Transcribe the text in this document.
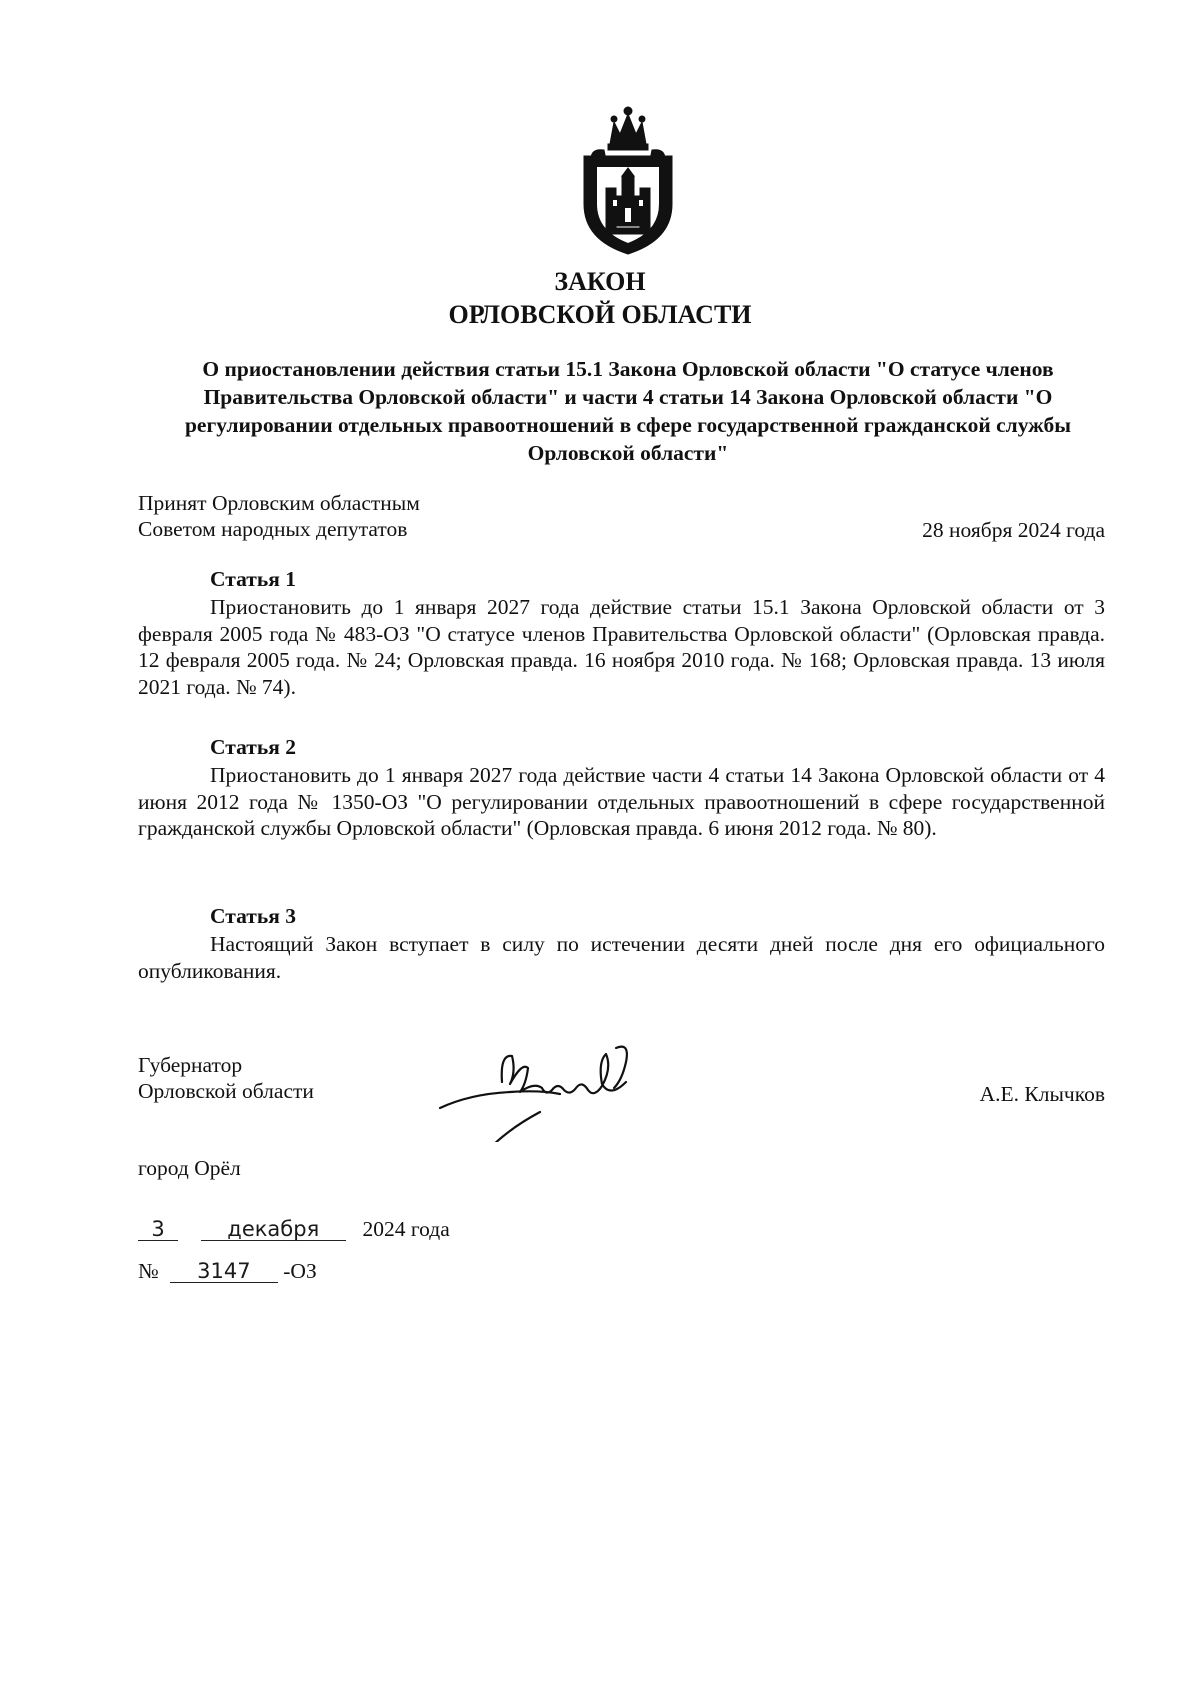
ЗАКОН
ОРЛОВСКОЙ ОБЛАСТИ
О приостановлении действия статьи 15.1 Закона Орловской области "О статусе членов Правительства Орловской области" и части 4 статьи 14 Закона Орловской области "О регулировании отдельных правоотношений в сфере государственной гражданской службы Орловской области"
Принят Орловским областным
Советом народных депутатов	28 ноября 2024 года
Статья 1

Приостановить до 1 января 2027 года действие статьи 15.1 Закона Орловской области от 3 февраля 2005 года № 483-ОЗ "О статусе членов Правительства Орловской области" (Орловская правда. 12 февраля 2005 года. № 24; Орловская правда. 16 ноября 2010 года. № 168; Орловская правда. 13 июля 2021 года. № 74).

Статья 2

Приостановить до 1 января 2027 года действие части 4 статьи 14 Закона Орловской области от 4 июня 2012 года № 1350-ОЗ "О регулировании отдельных правоотношений в сфере государственной гражданской службы Орловской области" (Орловская правда. 6 июня 2012 года. № 80).

Статья 3

Настоящий Закон вступает в силу по истечении десяти дней после дня его официального опубликования.

Губернатор
Орловской области	А.Е. Клычков
город Орёл
3	декабря 2024 года
№ 3147 -ОЗ
